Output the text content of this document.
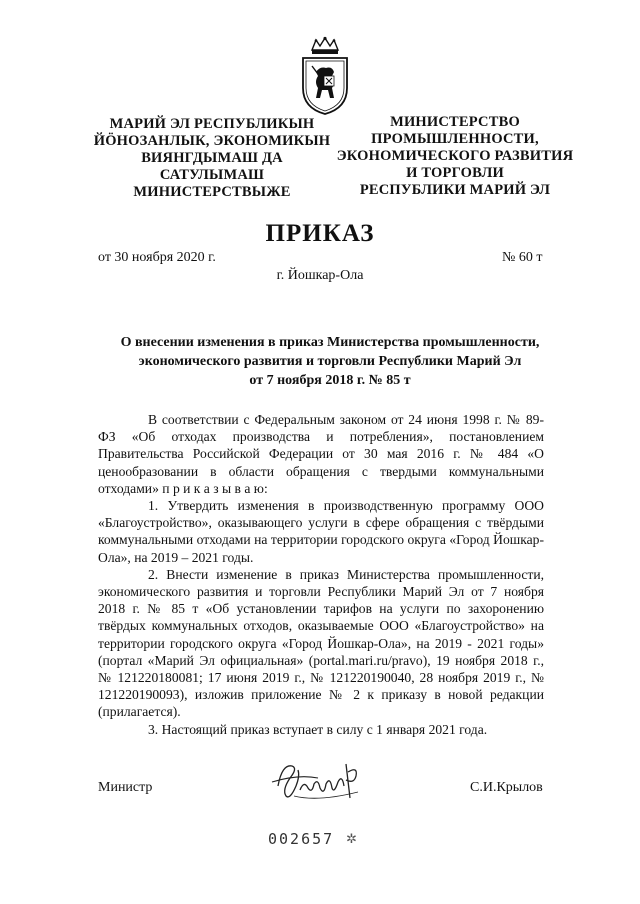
МАРИЙ ЭЛ РЕСПУБЛИКЫН
ЙӦНОЗАНЛЫК, ЭКОНОМИКЫН
ВИЯНГДЫМАШ ДА
САТУЛЫМАШ
МИНИСТЕРСТВЫЖЕ
МИНИСТЕРСТВО
ПРОМЫШЛЕННОСТИ,
ЭКОНОМИЧЕСКОГО РАЗВИТИЯ
И ТОРГОВЛИ
РЕСПУБЛИКИ МАРИЙ ЭЛ
ПРИКАЗ
от 30 ноября 2020 г.	№ 60 т
г. Йошкар-Ола
О внесении изменения в приказ Министерства промышленности,
экономического развития и торговли Республики Марий Эл
от 7 ноября 2018 г. № 85 т

В соответствии с Федеральным законом от 24 июня 1998 г. № 89-ФЗ «Об отходах производства и потребления», постановлением Правительства Российской Федерации от 30 мая 2016 г. № 484 «О ценообразовании в области обращения с твердыми коммунальными отходами» п р и к а з ы в а ю:

1. Утвердить изменения в производственную программу ООО «Благоустройство», оказывающего услуги в сфере обращения с твёрдыми коммунальными отходами на территории городского округа «Город Йошкар-Ола», на 2019 – 2021 годы.

2. Внести изменение в приказ Министерства промышленности, экономического развития и торговли Республики Марий Эл от 7 ноября 2018 г. № 85 т «Об установлении тарифов на услуги по захоронению твёрдых коммунальных отходов, оказываемые ООО «Благоустройство» на территории городского округа «Город Йошкар-Ола», на 2019 - 2021 годы» (портал «Марий Эл официальная» (portal.mari.ru/pravo), 19 ноября 2018 г., № 121220180081; 17 июня 2019 г., № 121220190040, 28 ноября 2019 г., № 121220190093), изложив приложение № 2 к приказу в новой редакции (прилагается).

3. Настоящий приказ вступает в силу с 1 января 2021 года.

Министр	С.И.Крылов
002657 ✲
